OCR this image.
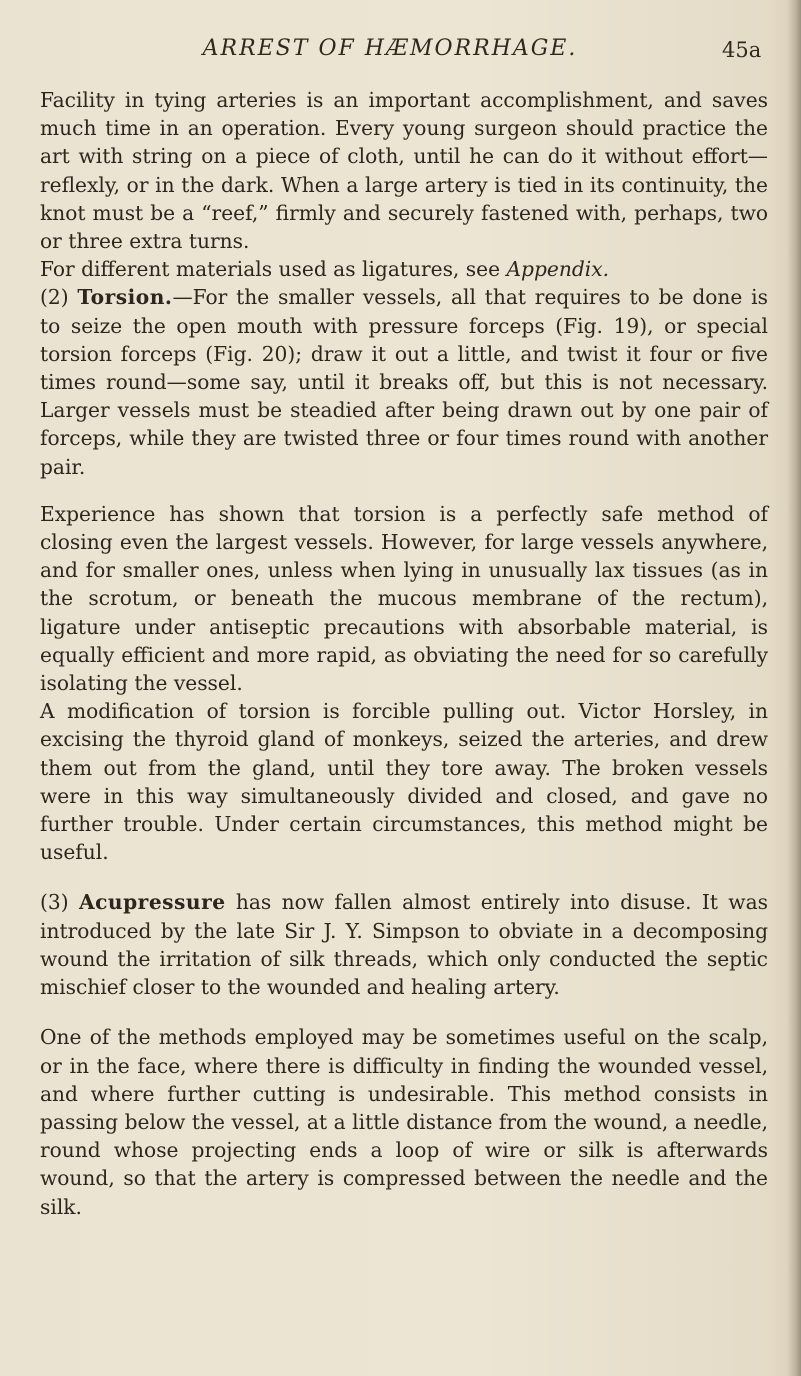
ARREST OF HÆMORRHAGE.	45a

Facility in tying arteries is an important accomplishment, and saves much time in an operation. Every young surgeon should practice the art with string on a piece of cloth, until he can do it without effort—reflexly, or in the dark. When a large artery is tied in its continuity, the knot must be a “reef,” firmly and securely fastened with, perhaps, two or three extra turns.

For different materials used as ligatures, see Appendix.

(2) Torsion.—For the smaller vessels, all that requires to be done is to seize the open mouth with pressure forceps (Fig. 19), or special torsion forceps (Fig. 20); draw it out a little, and twist it four or five times round—some say, until it breaks off, but this is not necessary. Larger vessels must be steadied after being drawn out by one pair of forceps, while they are twisted three or four times round with another pair.

Experience has shown that torsion is a perfectly safe method of closing even the largest vessels. However, for large vessels anywhere, and for smaller ones, unless when lying in unusually lax tissues (as in the scrotum, or beneath the mucous membrane of the rectum), ligature under antiseptic precautions with absorbable material, is equally efficient and more rapid, as obviating the need for so carefully isolating the vessel.

A modification of torsion is forcible pulling out. Victor Horsley, in excising the thyroid gland of monkeys, seized the arteries, and drew them out from the gland, until they tore away. The broken vessels were in this way simultaneously divided and closed, and gave no further trouble. Under certain circumstances, this method might be useful.

(3) Acupressure has now fallen almost entirely into disuse. It was introduced by the late Sir J. Y. Simpson to obviate in a decomposing wound the irritation of silk threads, which only conducted the septic mischief closer to the wounded and healing artery.

One of the methods employed may be sometimes useful on the scalp, or in the face, where there is difficulty in finding the wounded vessel, and where further cutting is undesirable. This method consists in passing below the vessel, at a little distance from the wound, a needle, round whose projecting ends a loop of wire or silk is afterwards wound, so that the artery is compressed between the needle and the silk.
